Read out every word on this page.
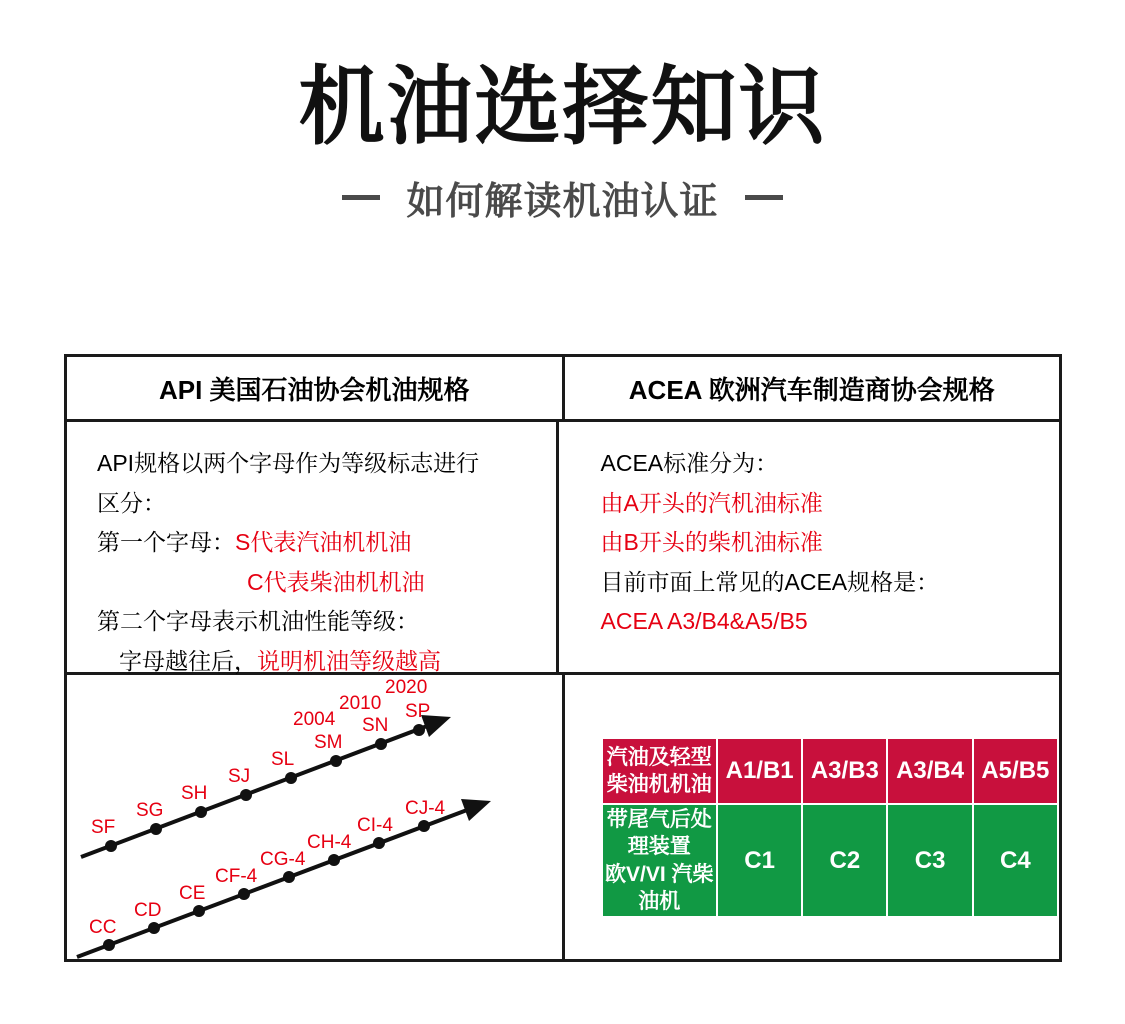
机油选择知识
如何解读机油认证
API 美国石油协会机油规格	ACEA 欧洲汽车制造商协会规格
API规格以两个字母作为等级标志进行
区分：
第一个字母：S代表汽油机机油
C代表柴油机机油
第二个字母表示机油性能等级：
字母越往后，说明机油等级越高
ACEA标准分为：
由A开头的汽机油标准
由B开头的柴机油标准
目前市面上常见的ACEA规格是：
ACEA A3/B4&A5/B5
SF
SG
SH
SJ
SL
SM
SN
SP
2004
2010
2020
CC
CD
CE
CF-4
CG-4
CH-4
CI-4
CJ-4
汽油及轻型
柴油机机油	A1/B1	A3/B3	A3/B4	A5/B5
带尾气后处理装置
欧V/VI 汽柴油机	C1	C2	C3	C4
